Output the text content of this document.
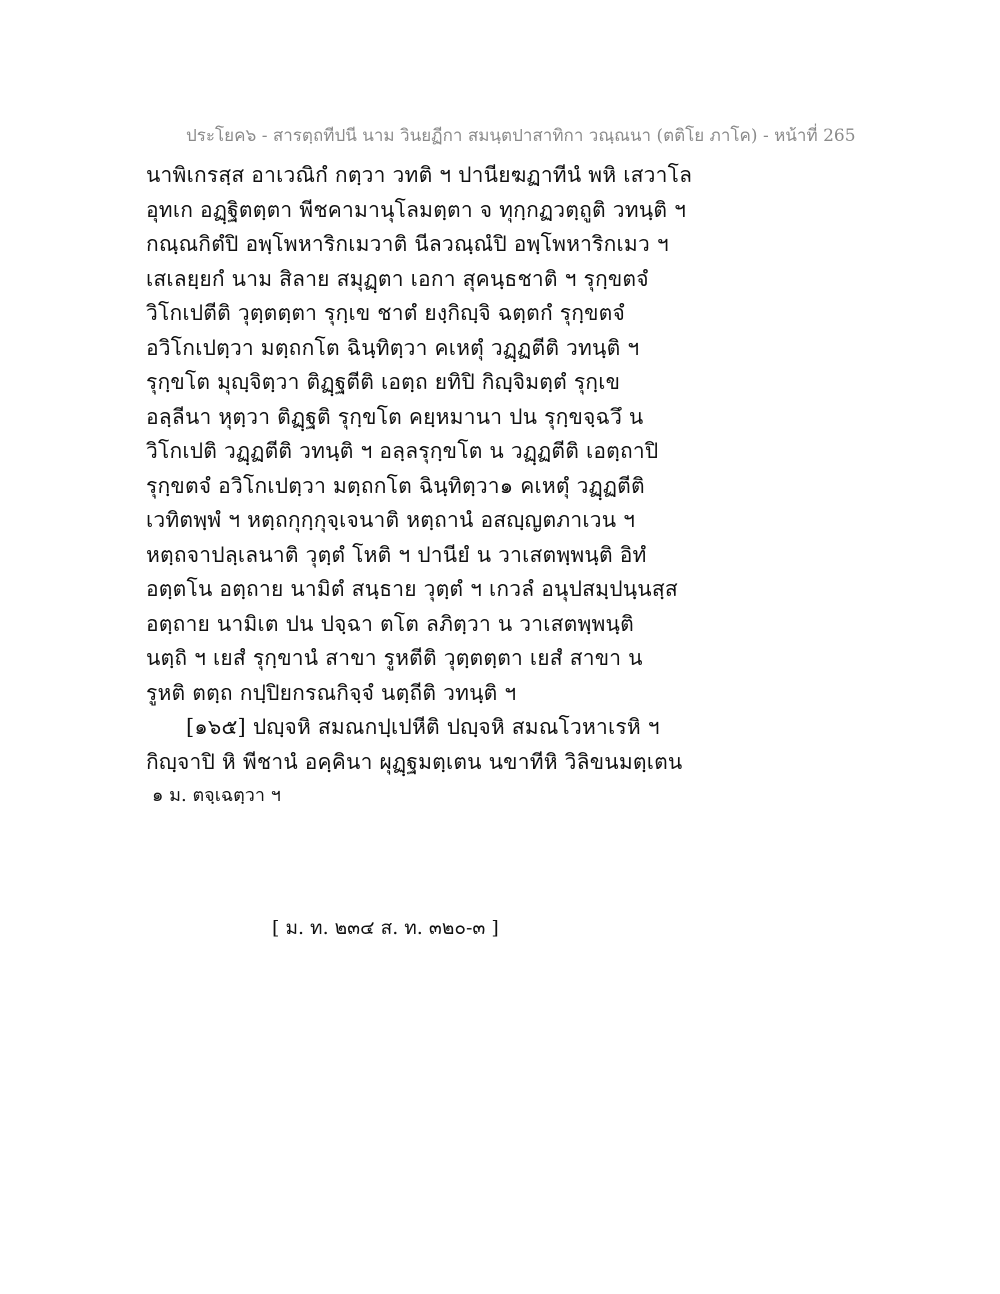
ประโยค๖ - สารตฺถทีปนี นาม วินยฏีกา สมนฺตปาสาทิกา วณฺณนา (ตติโย ภาโค) - หน้าที่ 265
นาพิเกรสฺส อาเวณิกํ กตฺวา วทติ ฯ ปานียฆฏาทีนํ พหิ เสวาโล
อุทเก อฏฺฐิตตฺตา พีชคามานุโลมตฺตา จ ทุกฺกฏวตฺถูติ วทนฺติ ฯ
กณฺณกิตํปิ อพฺโพหาริกเมวาติ นีลวณฺณํปิ อพฺโพหาริกเมว ฯ
เสเลยฺยกํ นาม สิลาย สมุฏฺตา เอกา สุคนฺธชาติ ฯ รุกฺขตจํ
วิโกเปตีติ วุตฺตตฺตา รุกฺเข ชาตํ ยงฺกิญฺจิ ฉตฺตกํ รุกฺขตจํ
อวิโกเปตฺวา มตฺถกโต ฉินฺทิตฺวา คเหตุํ วฏฺฏตีติ วทนฺติ ฯ
รุกฺขโต มุญฺจิตฺวา ติฏฺฐตีติ เอตฺถ ยทิปิ กิญฺจิมตฺตํ รุกฺเข
อลฺลีนา หุตฺวา ติฏฺฐติ รุกฺขโต คยฺหมานา ปน รุกฺขจฺฉวึ น
วิโกเปติ วฏฺฏตีติ วทนฺติ ฯ อลฺลรุกฺขโต น วฏฺฏตีติ เอตฺถาปิ
รุกฺขตจํ อวิโกเปตฺวา มตฺถกโต ฉินฺทิตฺวา๑ คเหตุํ วฏฺฏตีติ
เวทิตพฺพํ ฯ หตฺถกุกฺกุจฺเจนาติ หตฺถานํ อสญฺญตภาเวน ฯ
หตฺถจาปลฺเลนาติ วุตฺตํ โหติ ฯ ปานียํ น วาเสตพฺพนฺติ อิทํ
อตฺตโน อตฺถาย นามิตํ สนฺธาย วุตฺตํ ฯ เกวลํ อนุปสมฺปนฺนสฺส
อตฺถาย นามิเต ปน ปจฺฉา ตโต ลภิตฺวา น วาเสตพฺพนฺติ
นตฺถิ ฯ เยสํ รุกฺขานํ สาขา รูหตีติ วุตฺตตฺตา เยสํ สาขา น
รูหติ ตตฺถ กปฺปิยกรณกิจฺจํ นตฺถีติ วทนฺติ ฯ
[๑๖๕] ปญฺจหิ สมณกปฺเปหีติ ปญฺจหิ สมณโวหาเรหิ ฯ
กิญฺจาปิ หิ พีชานํ อคฺคินา ผุฏฺฐมตฺเตน นขาทีหิ วิลิขนมตฺเตน
๑ ม. ตจฺเฉตฺวา ฯ
[ ม. ท. ๒๓๔ ส. ท. ๓๒๐-๓ ]
